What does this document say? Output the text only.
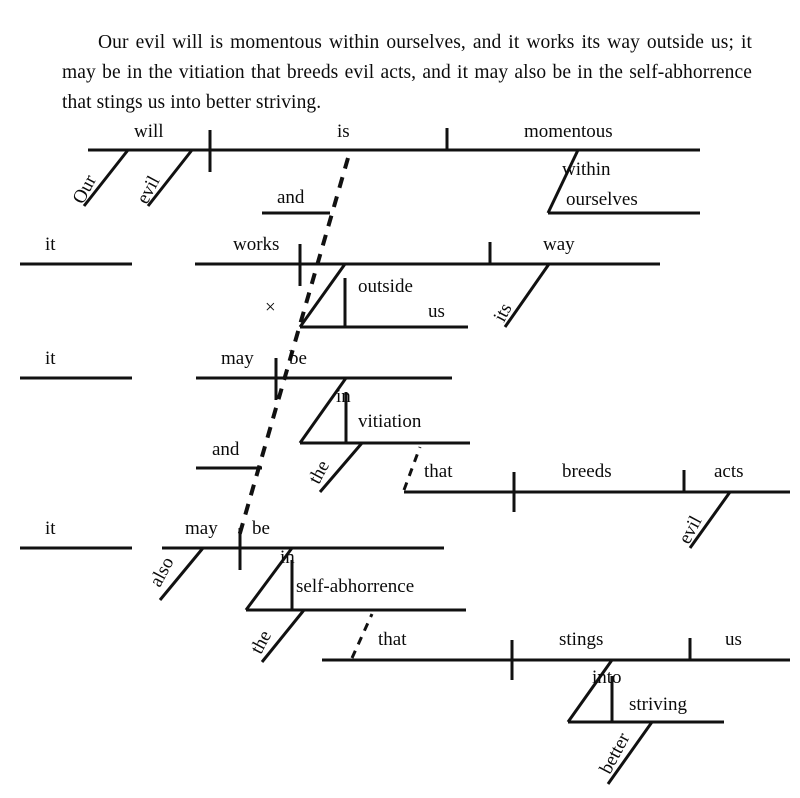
Our evil will is momentous within ourselves, and it works its way outside us; it may be in the vitiation that breeds evil acts, and it may also be in the self-abhorrence that stings us into better striving.

will	is	momentous
Our evil
within
ourselves
and
it	works	way
×
outside
us its
it	may be
in
vitiation
and
the	that	breeds	acts
evil
it	may be
also	in
self-abhorrence
the	that	stings	us
into
striving
better
